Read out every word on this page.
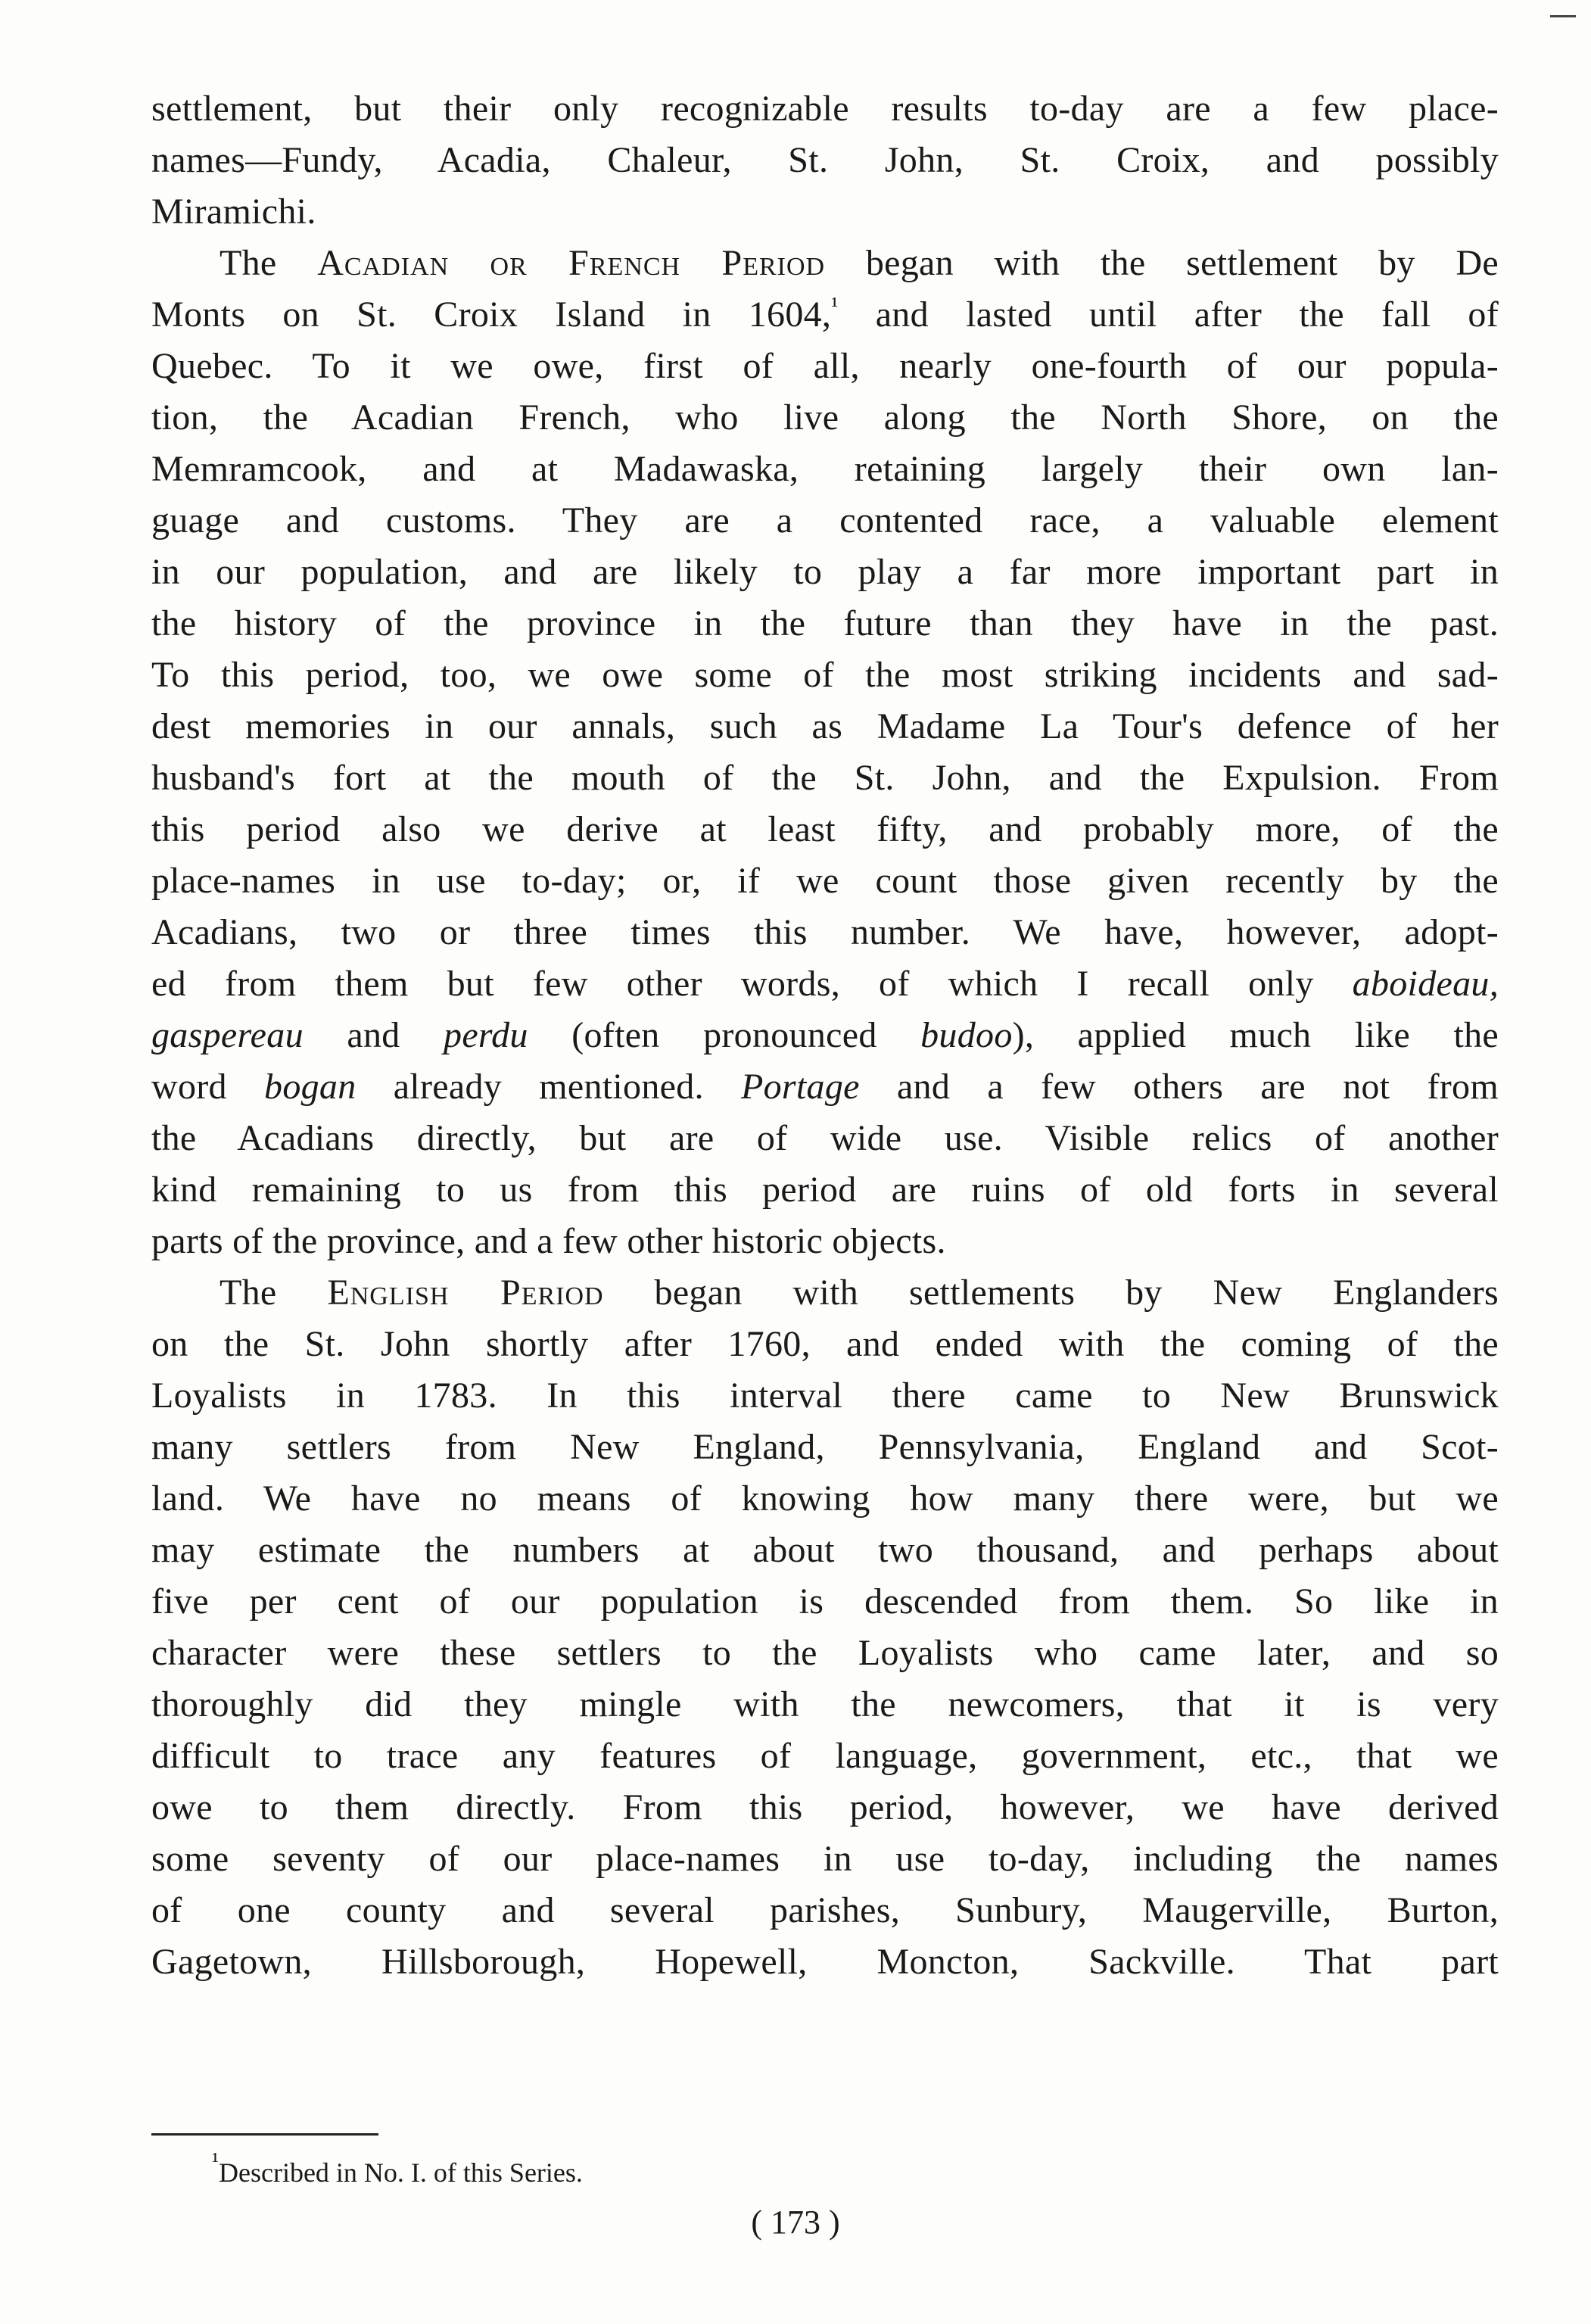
settlement, but their only recognizable results to-day are a few place-
names—Fundy, Acadia, Chaleur, St. John, St. Croix, and possibly
Miramichi.

The Acadian or French Period began with the settlement by De
Monts on St. Croix Island in 1604,$^{^1}$ and lasted until after the fall of
Quebec. To it we owe, first of all, nearly one-fourth of our popula-
tion, the Acadian French, who live along the North Shore, on the
Memramcook, and at Madawaska, retaining largely their own lan-
guage and customs. They are a contented race, a valuable element
in our population, and are likely to play a far more important part in
the history of the province in the future than they have in the past.
To this period, too, we owe some of the most striking incidents and sad-
dest memories in our annals, such as Madame La Tour's defence of her
husband's fort at the mouth of the St. John, and the Expulsion. From
this period also we derive at least fifty, and probably more, of the
place-names in use to-day; or, if we count those given recently by the
Acadians, two or three times this number. We have, however, adopt-
ed from them but few other words, of which I recall only aboideau,
gaspereau and perdu (often pronounced budoo), applied much like the
word bogan already mentioned. Portage and a few others are not from
the Acadians directly, but are of wide use. Visible relics of another
kind remaining to us from this period are ruins of old forts in several
parts of the province, and a few other historic objects.

The English Period began with settlements by New Englanders
on the St. John shortly after 1760, and ended with the coming of the
Loyalists in 1783. In this interval there came to New Brunswick
many settlers from New England, Pennsylvania, England and Scot-
land. We have no means of knowing how many there were, but we
may estimate the numbers at about two thousand, and perhaps about
five per cent of our population is descended from them. So like in
character were these settlers to the Loyalists who came later, and so
thoroughly did they mingle with the newcomers, that it is very
difficult to trace any features of language, government, etc., that we
owe to them directly. From this period, however, we have derived
some seventy of our place-names in use to-day, including the names
of one county and several parishes, Sunbury, Maugerville, Burton,
Gagetown, Hillsborough, Hopewell, Moncton, Sackville. That part

$^{^1}$Described in No. I. of this Series.
( 173 )
